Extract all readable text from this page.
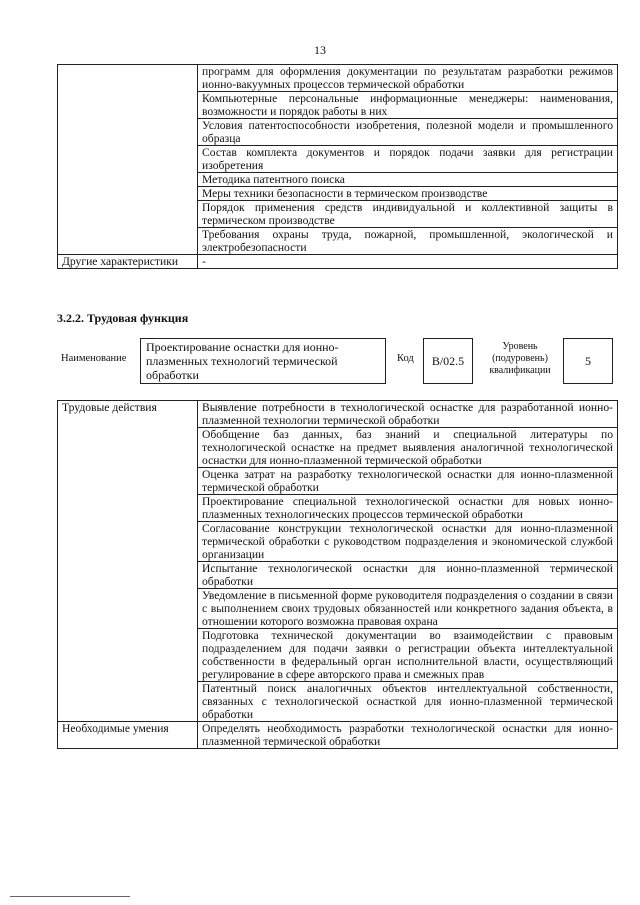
13
	программ для оформления документации по результатам разработки режимов ионно-вакуумных процессов термической обработки
	Компьютерные персональные информационные менеджеры: наименования, возможности и порядок работы в них
	Условия патентоспособности изобретения, полезной модели и промышленного образца
	Состав комплекта документов и порядок подачи заявки для регистрации изобретения
	Методика патентного поиска
	Меры техники безопасности в термическом производстве
	Порядок применения средств индивидуальной и коллективной защиты в термическом производстве
	Требования охраны труда, пожарной, промышленной, экологической и электробезопасности
Другие характеристики	-
3.2.2. Трудовая функция
Наименование
Проектирование оснастки для ионно-плазменных технологий термической обработки
Код B/02.5
Уровень (подуровень) квалификации
5
Трудовые действия	Выявление потребности в технологической оснастке для разработанной ионно-плазменной технологии термической обработки
	Обобщение баз данных, баз знаний и специальной литературы по технологической оснастке на предмет выявления аналогичной технологической оснастки для ионно-плазменной термической обработки
	Оценка затрат на разработку технологической оснастки для ионно-плазменной термической обработки
	Проектирование специальной технологической оснастки для новых ионно-плазменных технологических процессов термической обработки
	Согласование конструкции технологической оснастки для ионно-плазменной термической обработки с руководством подразделения и экономической службой организации
	Испытание технологической оснастки для ионно-плазменной термической обработки
	Уведомление в письменной форме руководителя подразделения о создании в связи с выполнением своих трудовых обязанностей или конкретного задания объекта, в отношении которого возможна правовая охрана
	Подготовка технической документации во взаимодействии с правовым подразделением для подачи заявки о регистрации объекта интеллектуальной собственности в федеральный орган исполнительной власти, осуществляющий регулирование в сфере авторского права и смежных прав
	Патентный поиск аналогичных объектов интеллектуальной собственности, связанных с технологической оснасткой для ионно-плазменной термической обработки
Необходимые умения	Определять необходимость разработки технологической оснастки для ионно-плазменной термической обработки
